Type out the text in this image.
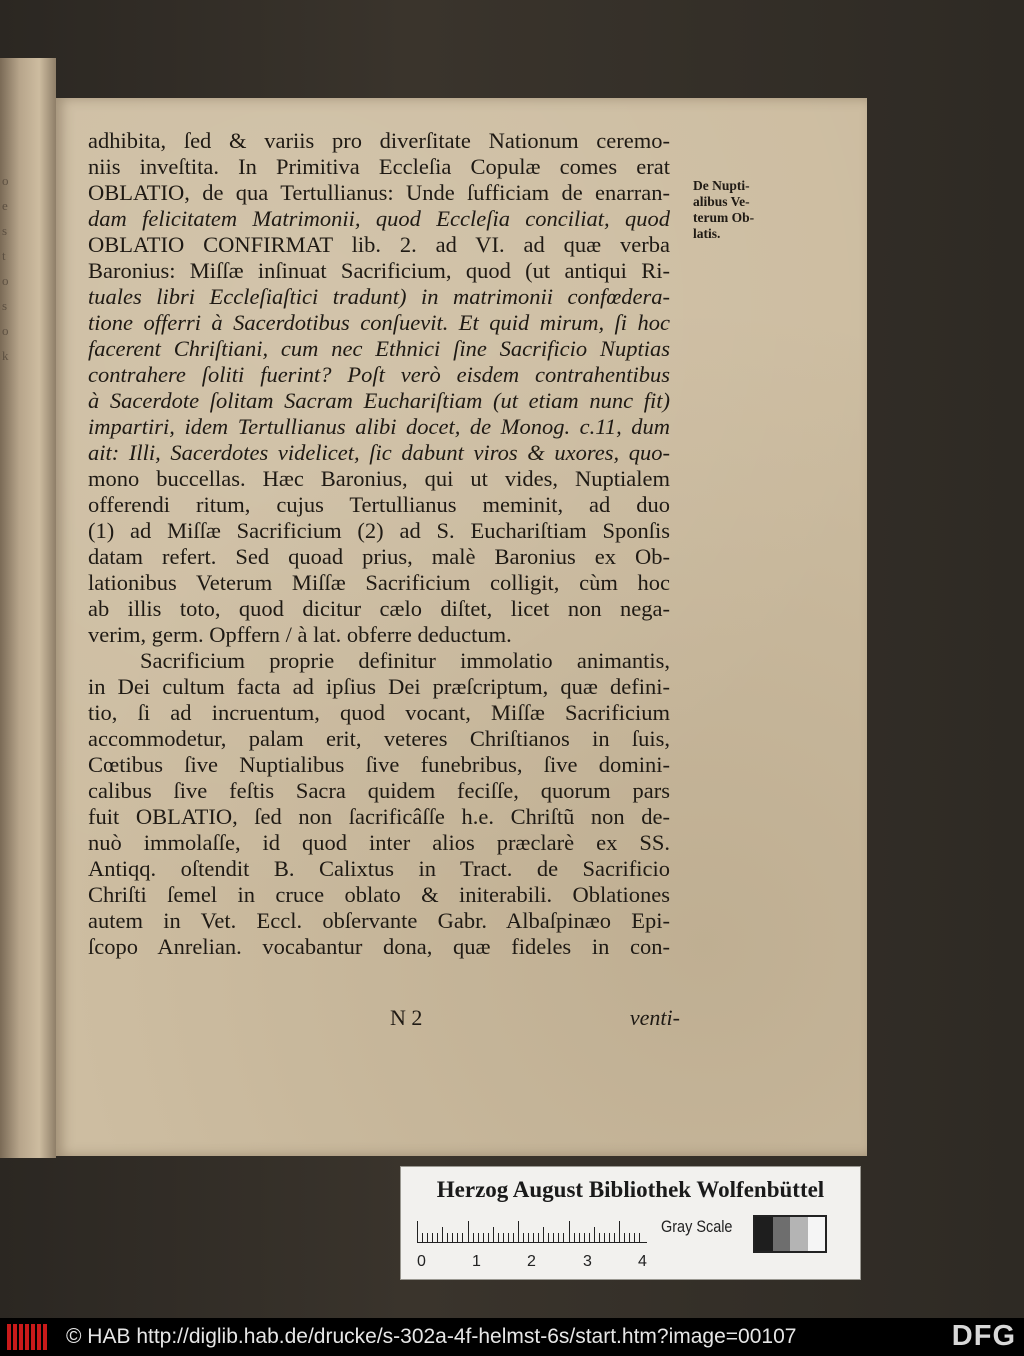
o
e
s
t
o
s
o
k
adhibita, ſed & variis pro diverſitate Nationum ceremo-
niis inveſtita. In Primitiva Eccleſia Copulæ comes erat
OBLATIO, de qua Tertullianus: Unde ſufficiam de enarran-
dam felicitatem Matrimonii, quod Eccleſia conciliat, quod
OBLATIO CONFIRMAT lib. 2. ad VI. ad quæ verba
Baronius: Miſſæ inſinuat Sacrificium, quod (ut antiqui Ri-
tuales libri Eccleſiaſtici tradunt) in matrimonii confœdera-
tione offerri à Sacerdotibus conſuevit. Et quid mirum, ſi hoc
facerent Chriſtiani, cum nec Ethnici ſine Sacrificio Nuptias
contrahere ſoliti fuerint? Poſt verò eisdem contrahentibus
à Sacerdote ſolitam Sacram Euchariſtiam (ut etiam nunc fit)
impartiri, idem Tertullianus alibi docet, de Monog. c.11, dum
ait: Illi, Sacerdotes videlicet, ſic dabunt viros & uxores, quo-
mono buccellas. Hæc Baronius, qui ut vides, Nuptialem
offerendi ritum, cujus Tertullianus meminit, ad duo
(1) ad Miſſæ Sacrificium (2) ad S. Euchariſtiam Sponſis
datam refert. Sed quoad prius, malè Baronius ex Ob-
lationibus Veterum Miſſæ Sacrificium colligit, cùm hoc
ab illis toto, quod dicitur cælo diſtet, licet non nega-
verim, germ. Opffern / à lat. obferre deductum.
Sacrificium proprie definitur immolatio animantis,
in Dei cultum facta ad ipſius Dei præſcriptum, quæ defini-
tio, ſi ad incruentum, quod vocant, Miſſæ Sacrificium
accommodetur, palam erit, veteres Chriſtianos in ſuis,
Cœtibus ſive Nuptialibus ſive funebribus, ſive domini-
calibus ſive feſtis Sacra quidem feciſſe, quorum pars
fuit OBLATIO, ſed non ſacrificâſſe h.e. Chriſtũ non de-
nuò immolaſſe, id quod inter alios præclarè ex SS.
Antiqq. oſtendit B. Calixtus in Tract. de Sacrificio
Chriſti ſemel in cruce oblato & initerabili. Oblationes
autem in Vet. Eccl. obſervante Gabr. Albaſpinæo Epi-
ſcopo Anrelian. vocabantur dona, quæ fideles in con-
N 2	venti-
De Nupti-
alibus Ve-
terum Ob-
latis.
Herzog August Bibliothek Wolfenbüttel
0	1	2	3	4
Gray Scale
© HAB http://diglib.hab.de/drucke/s-302a-4f-helmst-6s/start.htm?image=00107	DFG
